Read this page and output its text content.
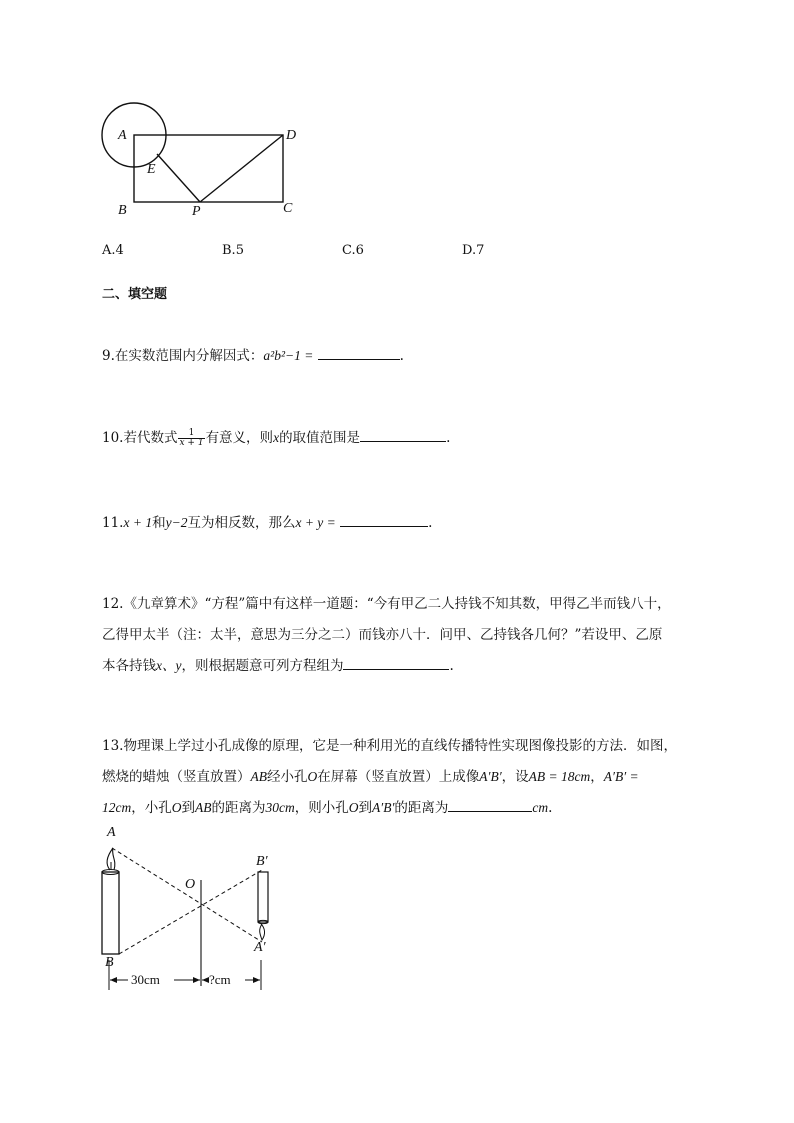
A	D
E
B	P	C
A.4	B.5	C.6	D.7
二、填空题
9.在实数范围内分解因式：a²b²−1 =	.
10.若代数式 $\frac{1}{x + 1}$ 有意义，则x的取值范围是	.
11.x + 1和y−2互为相反数，那么x + y =	.
12.《九章算术》“方程”篇中有这样一道题：“今有甲乙二人持钱不知其数，甲得乙半而钱八十，
乙得甲太半（注：太半，意思为三分之二）而钱亦八十．问甲、乙持钱各几何？”若设甲、乙原
本各持钱x、y，则根据题意可列方程组为	.
13.物理课上学过小孔成像的原理，它是一种利用光的直线传播特性实现图像投影的方法．如图，
燃烧的蜡烛（竖直放置）AB经小孔O在屏幕（竖直放置）上成像A′B′，设AB = 18cm，A′B′ =
12cm，小孔O到AB的距离为30cm，则小孔O到A′B′的距离为	cm.
A
B
O
B′
A′
30cm	?cm
